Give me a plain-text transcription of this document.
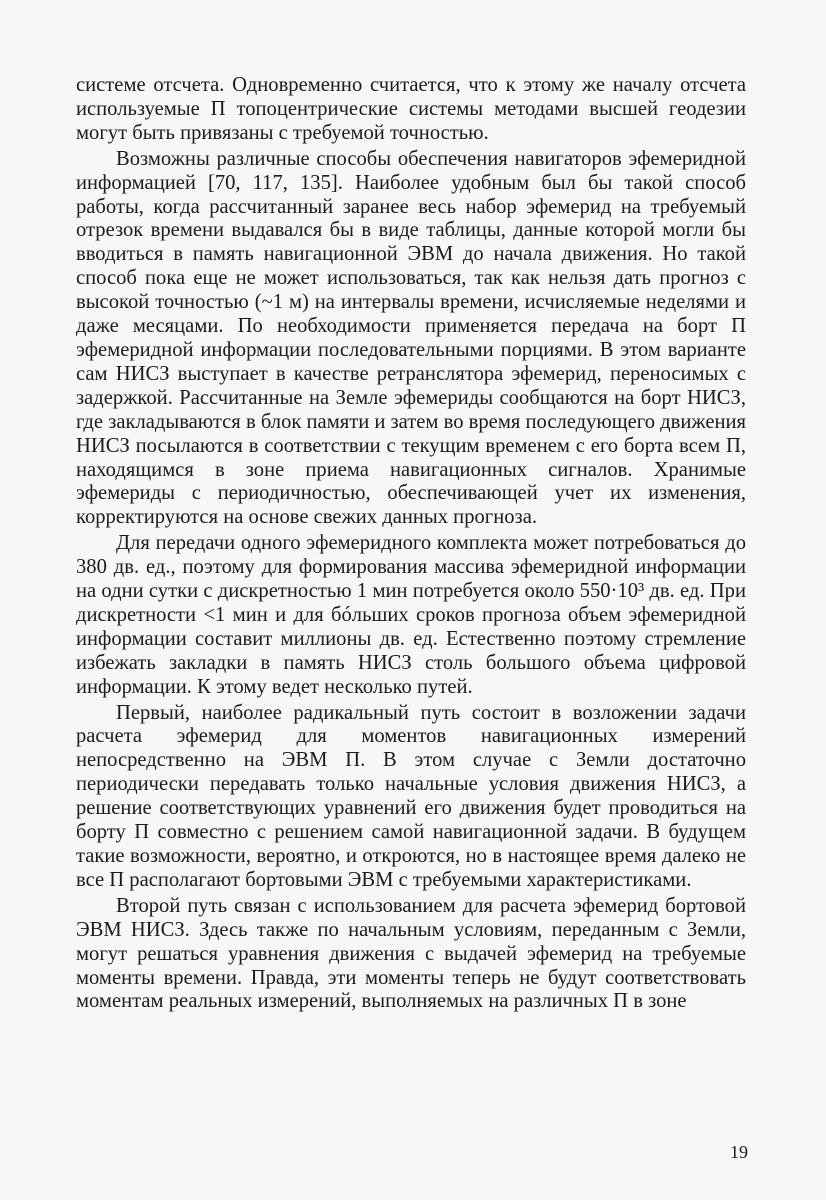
системе отсчета. Одновременно считается, что к этому же началу отсчета используемые П топоцентрические системы методами высшей геодезии могут быть привязаны с требуемой точностью.

Возможны различные способы обеспечения навигаторов эфемеридной информацией [70, 117, 135]. Наиболее удобным был бы такой способ работы, когда рассчитанный заранее весь набор эфемерид на требуемый отрезок времени выдавался бы в виде таблицы, данные которой могли бы вводиться в память навигационной ЭВМ до начала движения. Но такой способ пока еще не может использоваться, так как нельзя дать прогноз с высокой точностью (~1 м) на интервалы времени, исчисляемые неделями и даже месяцами. По необходимости применяется передача на борт П эфемеридной информации последовательными порциями. В этом варианте сам НИСЗ выступает в качестве ретранслятора эфемерид, переносимых с задержкой. Рассчитанные на Земле эфемериды сообщаются на борт НИСЗ, где закладываются в блок памяти и затем во время последующего движения НИСЗ посылаются в соответствии с текущим временем с его борта всем П, находящимся в зоне приема навигационных сигналов. Хранимые эфемериды с периодичностью, обеспечивающей учет их изменения, корректируются на основе свежих данных прогноза.

Для передачи одного эфемеридного комплекта может потребоваться до 380 дв. ед., поэтому для формирования массива эфемеридной информации на одни сутки с дискретностью 1 мин потребуется около 550·10³ дв. ед. При дискретности <1 мин и для бóльших сроков прогноза объем эфемеридной информации составит миллионы дв. ед. Естественно поэтому стремление избежать закладки в память НИСЗ столь большого объема цифровой информации. К этому ведет несколько путей.

Первый, наиболее радикальный путь состоит в возложении задачи расчета эфемерид для моментов навигационных измерений непосредственно на ЭВМ П. В этом случае с Земли достаточно периодически передавать только начальные условия движения НИСЗ, а решение соответствующих уравнений его движения будет проводиться на борту П совместно с решением самой навигационной задачи. В будущем такие возможности, вероятно, и откроются, но в настоящее время далеко не все П располагают бортовыми ЭВМ с требуемыми характеристиками.

Второй путь связан с использованием для расчета эфемерид бортовой ЭВМ НИСЗ. Здесь также по начальным условиям, переданным с Земли, могут решаться уравнения движения с выдачей эфемерид на требуемые моменты времени. Правда, эти моменты теперь не будут соответствовать моментам реальных измерений, выполняемых на различных П в зоне

19
